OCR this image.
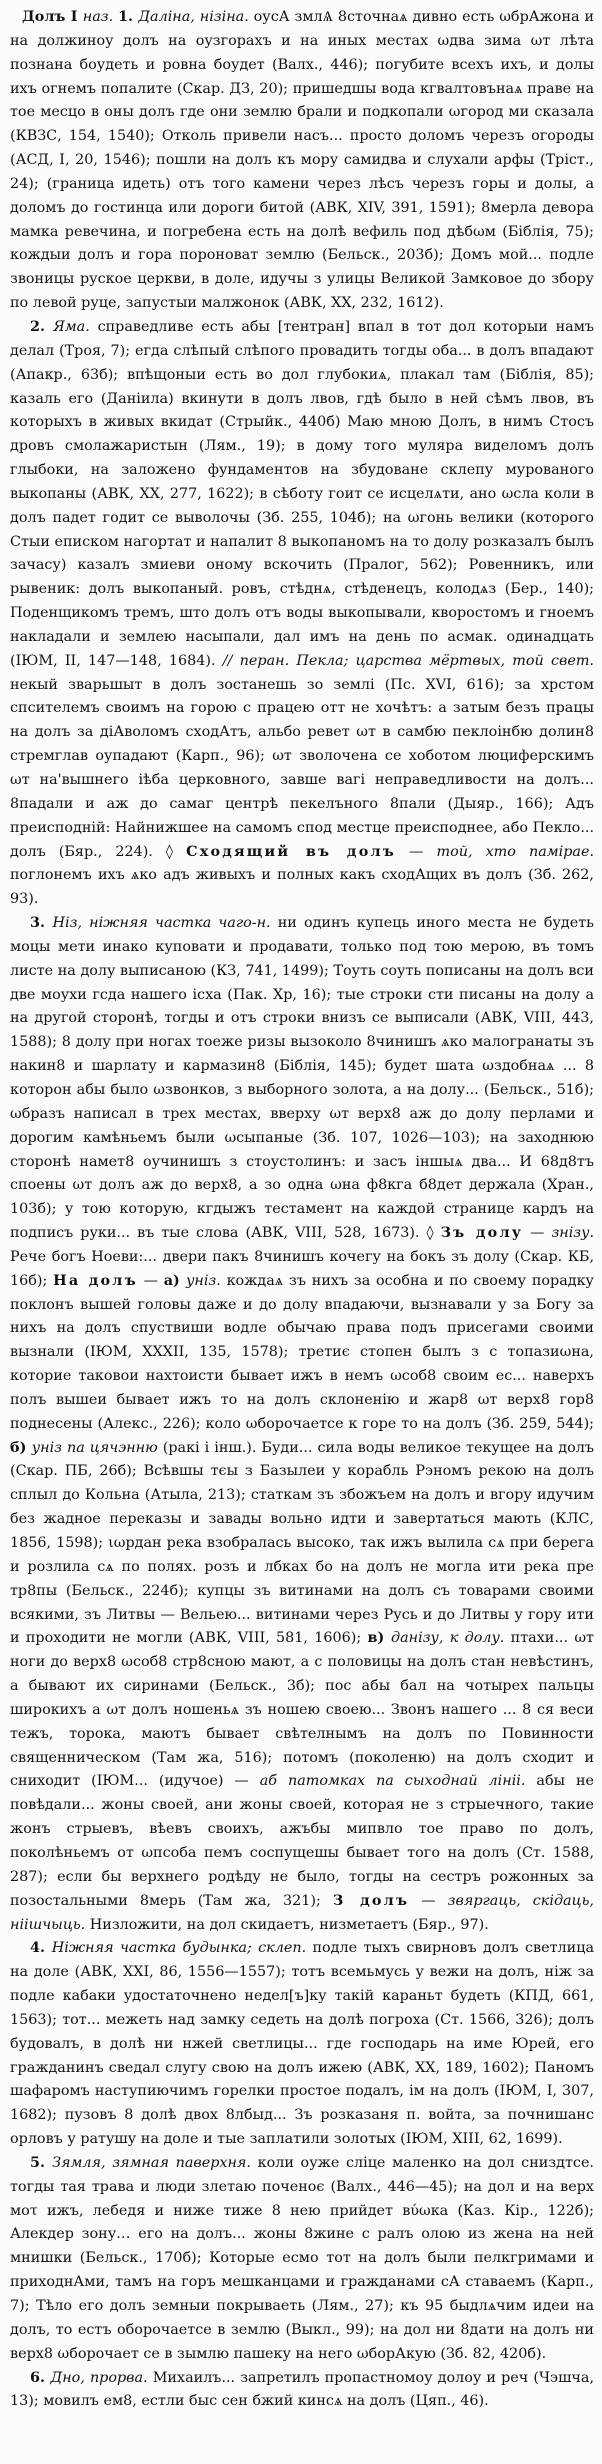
Долъ І наз. 1. Даліна, нізіна. оусА змлѦ 8сточнаѧ дивно есть ωбрАжона и на должиноу долъ на оузгорахъ и на иных местах ωдва зима ωт лѣта познана боудеть и ровна боудет (Валх., 446); погубите всехъ ихъ, и долы ихъ огнемъ попалите (Скар. ДЗ, 20); пришедшы вода кгвалтовънаѧ праве на тое месцо в оны долъ где они землю брали и подкопали ωгород ми сказала (КВЗС, 154, 1540); Отколь привели насъ... просто доломъ черезъ огороды (АСД, І, 20, 1546); пошли на долъ къ мору самидва и слухали арфы (Тріст., 24); (граница идеть) отъ того камени через лѣсъ черезъ горы и долы, а доломъ до гостинца или дороги битой (АВК, XIV, 391, 1591); 8мерла девора мамка ревечина, и погребена есть на долѣ вефиль под дѣбωм (Біблія, 75); кождыи долъ и гора пороноват землю (Бельск., 203б); Домъ мой... подле звоницы руское церкви, в доле, идучы з улицы Великой Замковое до збору по левой руце, запустыи малжонок (АВК, XX, 232, 1612).

2. Яма. справедливе есть абы [тентран] впал в тот дол которыи намъ делал (Троя, 7); егда слѣпый слѣпого провадить тогды оба... в долъ впадают (Апакр., 63б); впѣщоныи есть во дол глубокиѧ, плакал там (Біблія, 85); казаль его (Даніила) вкинути в долъ лвов, гдѣ было в ней сѣмъ лвов, въ которыхъ в живых вкидат (Стрыйк., 440б) Маю мною Долъ, в нимъ Стосъ дровъ смолажаристын (Лям., 19); в дому того муляра виделомъ долъ глыбоки, на заложено фундаментов на збудоване склепу мурованого выкопаны (АВК, XX, 277, 1622); в сѣботу гоит се исцелѧти, ано ωсла коли в долъ падет годит се выволочы (Зб. 255, 104б); на ωгонь велики (которого Стыи еписком нагортат и напалит 8 выкопаномъ на то долу розказалъ былъ зачасу) казалъ змиеви оному вскочить (Пралог, 562); Ровенникъ, или рывеник: долъ выкопаный. ровъ, стѣднѧ, стѣденецъ, колодѧз (Бер., 140); Поденщикомъ тремъ, што долъ отъ воды выкопывали, кворостомъ и гноемъ накладали и землею насыпали, дал имъ на день по асмак. одинадцать (ІЮМ, II, 147—148, 1684). // перан. Пекла; царства мёртвых, той свет. некый зварьшыт в долъ зостанешь зо землі (Пс. XVI, 616); за хрстом спсителемъ своимъ на горою с працею отт не хочѣтъ: а затым безъ працы на долъ за діАволомъ сходАтъ, альбо ревет ωт в самбю пеклоінбю долин8 стремглав оупадают (Карп., 96); ωт зволочена се хоботом люциферскимъ ωт на'вышнего іѣба церковного, завше вагі неправедливости на долъ... 8падали и аж до самаг центрѣ пекелъного 8пали (Дыяр., 166); Адъ преисподній: Найнижшее на самомъ спод местце преисподнее, або Пекло... долъ (Бяр., 224). ◊ Сходящий въ долъ — той, хто паміpae. поглонемъ ихъ ѧко адъ живыхъ и полных какъ сходАщих въ долъ (Зб. 262, 93).

3. Ніз, ніжняя частка чаго-н. ни одинъ купець иного места не будеть моцы мети инако куповати и продавати, только под тою мерою, въ томъ листе на долу выписаною (КЗ, 741, 1499); Тоуть соуть пописаны на долъ вси две моухи гсда нашего ісха (Пак. Хр, 16); тые строки сти писаны на долу а на другой сторонѣ, тогды и отъ строки внизъ се выписали (АВК, VIII, 443, 1588); 8 долу при ногах тоеже ризы вызоколо 8чинишъ ѧко малогранаты зъ накин8 и шарлату и кармазин8 (Біблія, 145); будет шата ωздобнаѧ ... 8 которон абы было ωзвонков, з выборного золота, а на долу... (Бельск., 51б); ωбразъ написал в трех местах, вверху ωт верх8 аж до долу перлами и дорогим камѣньемъ были ωсыпаные (Зб. 107, 1026—103); на заходнюю сторонѣ намет8 оучинишъ з стоустолинъ: и засъ іншыѧ два... И 68д8тъ споены ωт долъ аж до верх8, а зо одна ωна ф8кга б8дет держала (Хран., 103б); у тою которую, кгдыжъ тестамент на каждой странице кардъ на подписъ руки... въ тые слова (АВК, VIII, 528, 1673). ◊ Зъ долу — знізу. Рече богъ Ноеви:... двери пакъ 8чинишъ кочегу на бокъ зъ долу (Скар. КБ, 16б); На долъ — а) уніз. кождаѧ зъ нихъ за особна и по своему порадку поклонъ вышей головы даже и до долу впадаючи, вызнавали у за Богу за нихъ на долъ спуствиши водле обычаю права подъ присегами своими вызнали (ІЮМ, XXXII, 135, 1578); третиє стопен былъ з с топазиωна, которие таковои нахтоисти бывает ижъ в немъ ωсоб8 своим ес... наверхъ полъ вышеи бывает ижъ то на долъ склоненiю и жар8 ωт верх8 гор8 поднесены (Алекс., 226); коло ωборочаетсе к горе то на долъ (Зб. 259, 544); б) уніз па цячэнню (ракі і інш.). Буди... сила воды великое текущее на долъ (Скар. ПБ, 26б); Всѣвшы тєы з Базылеи у корабль Рэномъ рекою на долъ сплыл до Кольна (Атыла, 213); статкам зъ збожъем на долъ и вгору идучим без жадное переказы и завады вольно идти и завертаться мають (КЛС, 1856, 1598); ιωрдан река взобралась высоко, так ижъ вылила сѧ при берега и розлила сѧ по полях. розъ и лбках бо на долъ не могла ити река пре тр8пы (Бельск., 224б); купцы зъ витинами на долъ съ товарами своими всякими, зъ Литвы — Вельею... витинами через Русь и до Литвы у гору ити и проходити не могли (АВК, VIII, 581, 1606); в) данізу, к долу. птахи... ωт ноги до верх8 ωсоб8 стр8сною мают, а с половицы на долъ стан невѣстинъ, а бывают их сиринами (Бельск., 3б); пос абы бал на чотырех пальцы широкихъ а ωт долъ ношеньѧ зъ ношею своею... Звонъ нашего ... 8 ся веси тежъ, торока, маютъ бывает свѣтелнымъ на долъ по Повинности священническом (Там жа, 516); потомъ (поколеню) на долъ сходит и сниходит (ІЮМ... (идучое) — аб патомках па сыходнай лініі. абы не повѣдали... жоны своей, ани жоны своей, которая не з стрыечного, такие жонъ стрыевъ, вѣевъ своихъ, ажъбы мипвло тое право по долъ, поколѣньемъ от ωпсоба пемъ соспущешы бывает того на долъ (Ст. 1588, 287); если бы верхнего родѣду не было, тогды на сестръ рожонных за позостальными 8мерь (Там жа, 321); З долъ — звяргаць, скідаць, ніішчыць. Низложити, на дол скидаетъ, низметаетъ (Бяр., 97).

4. Ніжняя частка будынка; склеп. подле тыхъ свирновъ долъ светлица на доле (АВК, XXI, 86, 1556—1557); тотъ всемьмусь у вежи на долъ, ніж за подле кабаки удостаточнено недел[ъ]ку такій караньт будеть (КПД, 661, 1563); тот... межеть над замку седеть на долѣ погроха (Ст. 1566, 326); долъ будовалъ, в долѣ ни нжей светлицы... где господарь на име Юрей, его гражданинъ сведал слугу свою на долъ ижею (АВК, XX, 189, 1602); Паномъ шафаромъ наступиючимъ горелки простое подалъ, ім на долъ (ІЮМ, І, 307, 1682); пузовъ 8 долѣ двох 8лбыд... Зъ розказаня п. войта, за почнишанс орловъ у ратушу на доле и тые заплатили золотых (ІЮМ, XIII, 62, 1699).

5. Зямля, зямная паверхня. коли оуже сліце маленко на дол сниздтсе. тогды тая трава и люди злетаю поченоє (Валх., 446—45); на дол и на верх моτ ижъ, лебедя и ниже тиже 8 нею прийдет вύωка (Каз. Кір., 122б); Алекдер зону… его на долъ... жоны 8жине с ралъ олою из жена на ней мнишки (Бельск., 170б); Которые есмо тот на долъ были пелкгримами и приходнАми, тамъ на горъ мешканцами и гражданами сА ставаемъ (Карп., 7); Тѣло его долъ земныи покрываеть (Лям., 27); къ 95 быдлѧчим идеи на долъ, то естъ оборочаетсе в землю (Выкл., 99); на дол ни 8дати на долъ ни верх8 ωборочает се в зымлю пашеку на него ωборАкую (Зб. 82, 420б).

6. Дно, прорва. Михаилъ... запретилъ пропастномоу долоу и реч (Чэшча, 13); мовилъ ем8, естли быс сен бжий кинсѧ на долъ (Цяп., 46).
